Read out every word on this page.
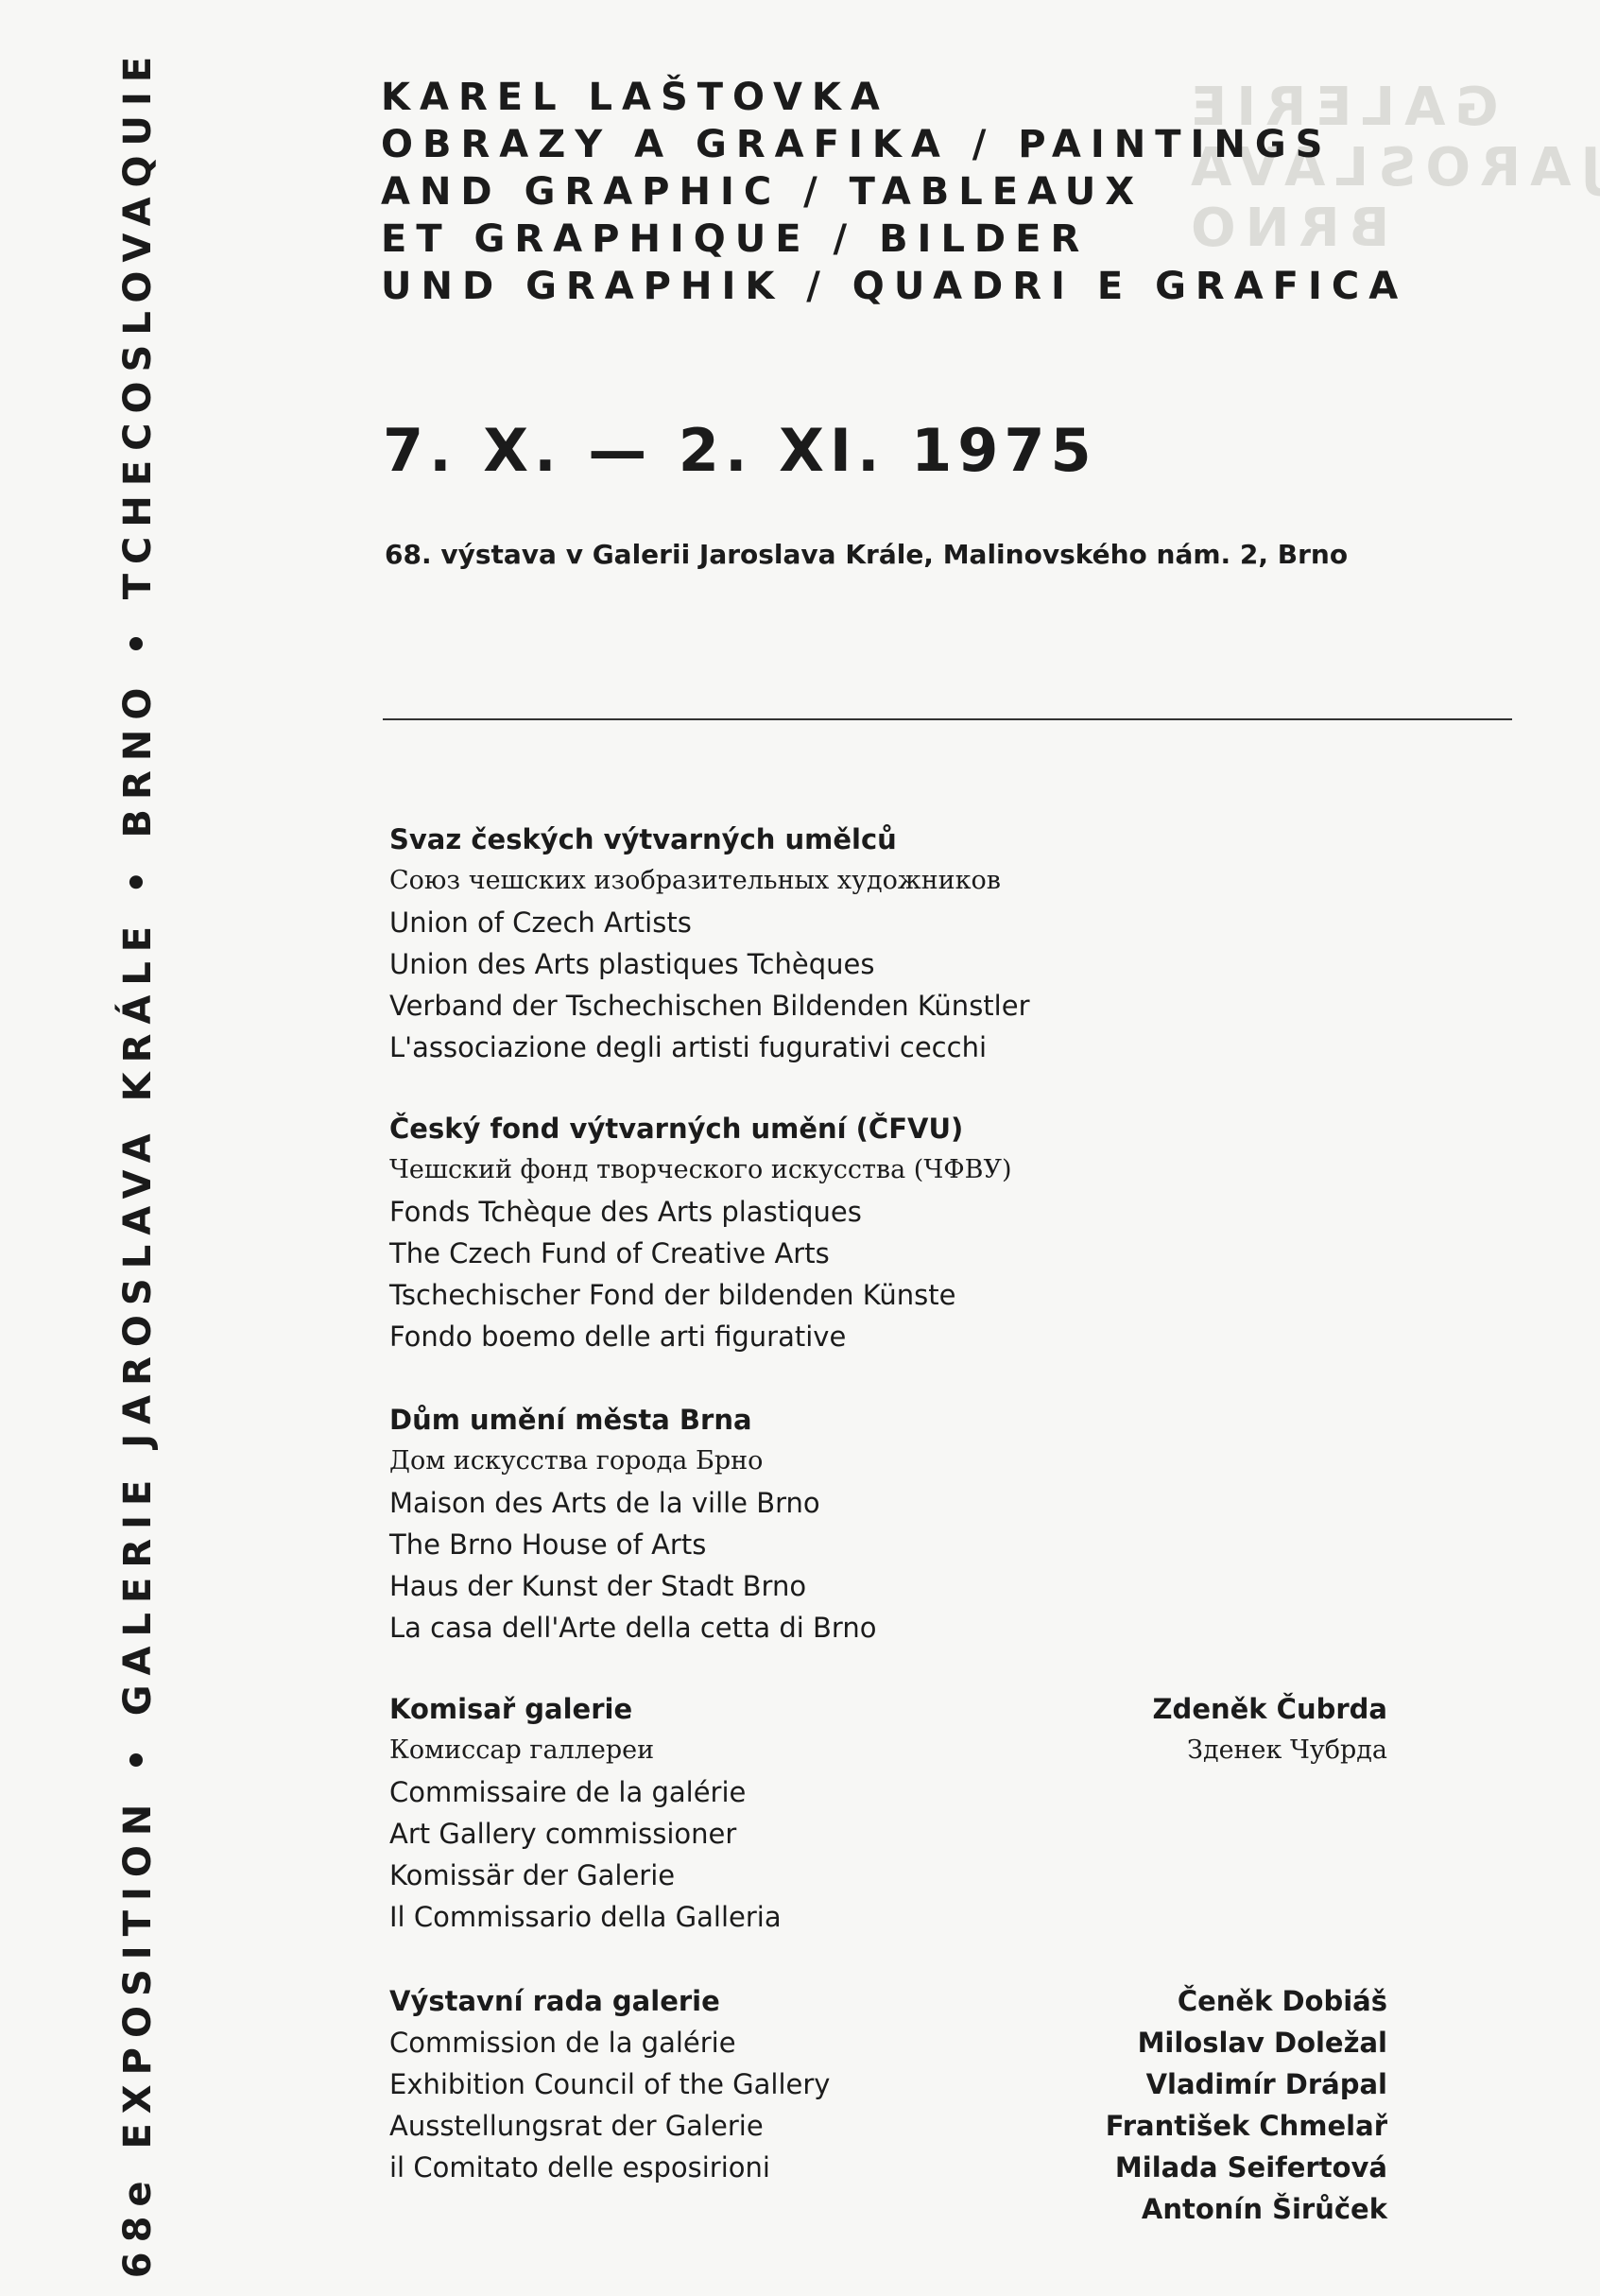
68e EXPOSITION • GALERIE JAROSLAVA KRÁLE • BRNO • TCHECOSLOVAQUIE	GALERIE
JAROSLAVA
BRNO
KAREL LAŠTOVKA
OBRAZY A GRAFIKA / PAINTINGS
AND GRAPHIC / TABLEAUX
ET GRAPHIQUE / BILDER
UND GRAPHIK / QUADRI E GRAFICA
7. X. — 2. XI. 1975
68. výstava v Galerii Jaroslava Krále, Malinovského nám. 2, Brno
Svaz českých výtvarných umělců
Союз чешских изобразительных художников
Union of Czech Artists
Union des Arts plastiques Tchèques
Verband der Tschechischen Bildenden Künstler
L'associazione degli artisti fugurativi cecchi
Český fond výtvarných umění (ČFVU)
Чешский фонд творческого искусства (ЧФВУ)
Fonds Tchèque des Arts plastiques
The Czech Fund of Creative Arts
Tschechischer Fond der bildenden Künste
Fondo boemo delle arti figurative
Dům umění města Brna
Дом искусства города Брно
Maison des Arts de la ville Brno
The Brno House of Arts
Haus der Kunst der Stadt Brno
La casa dell'Arte della cetta di Brno
Komisař galerie
Комиссар галлереи
Commissaire de la galérie
Art Gallery commissioner
Komissär der Galerie
Il Commissario della Galleria
Zdeněk Čubrda
Зденек Чубрда
Výstavní rada galerie
Commission de la galérie
Exhibition Council of the Gallery
Ausstellungsrat der Galerie
il Comitato delle esposirioni
Čeněk Dobiáš
Miloslav Doležal
Vladimír Drápal
František Chmelař
Milada Seifertová
Antonín Širůček
